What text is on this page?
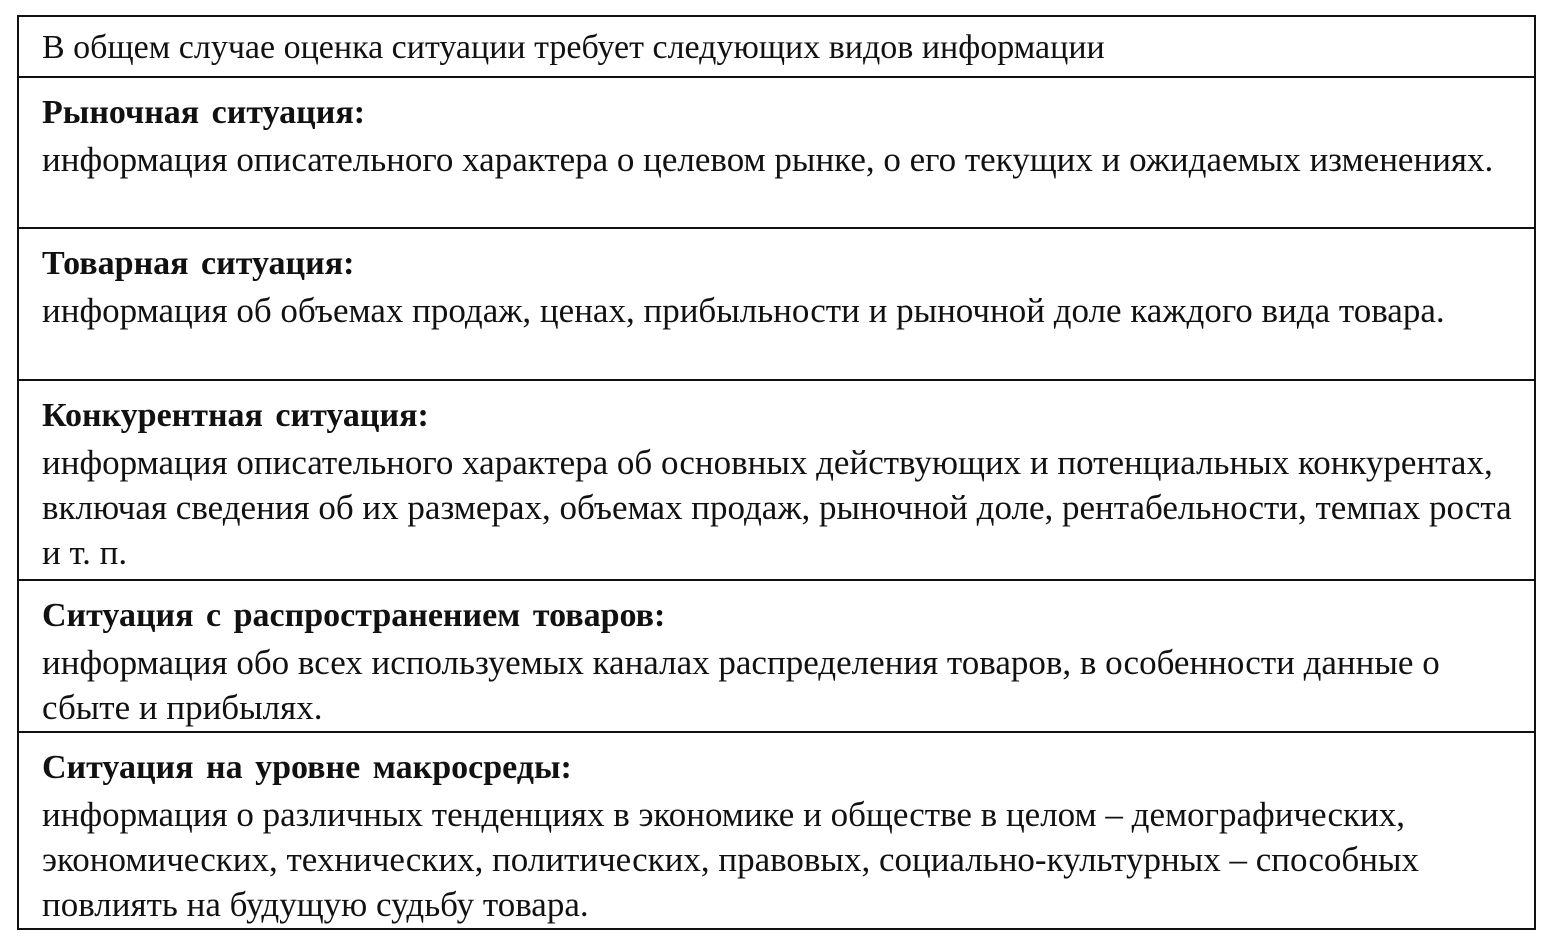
В общем случае оценка ситуации требует следующих видов информации
Рыночная ситуация:
информация описательного характера о целевом рынке, о его текущих и ожидаемых изменениях.
Товарная ситуация:
информация об объемах продаж, ценах, прибыльности и рыночной доле каждого вида товара.
Конкурентная ситуация:
информация описательного характера об основных действующих и потенциальных конкурентах, включая сведения об их размерах, объемах продаж, рыночной доле, рентабельности, темпах роста и т. п.
Ситуация с распространением товаров:
информация обо всех используемых каналах распределения товаров, в особенности данные о сбыте и прибылях.
Ситуация на уровне макросреды:
информация о различных тенденциях в экономике и обществе в целом – демографических, экономических, технических, политических, правовых, социально-культурных – способных повлиять на будущую судьбу товара.
